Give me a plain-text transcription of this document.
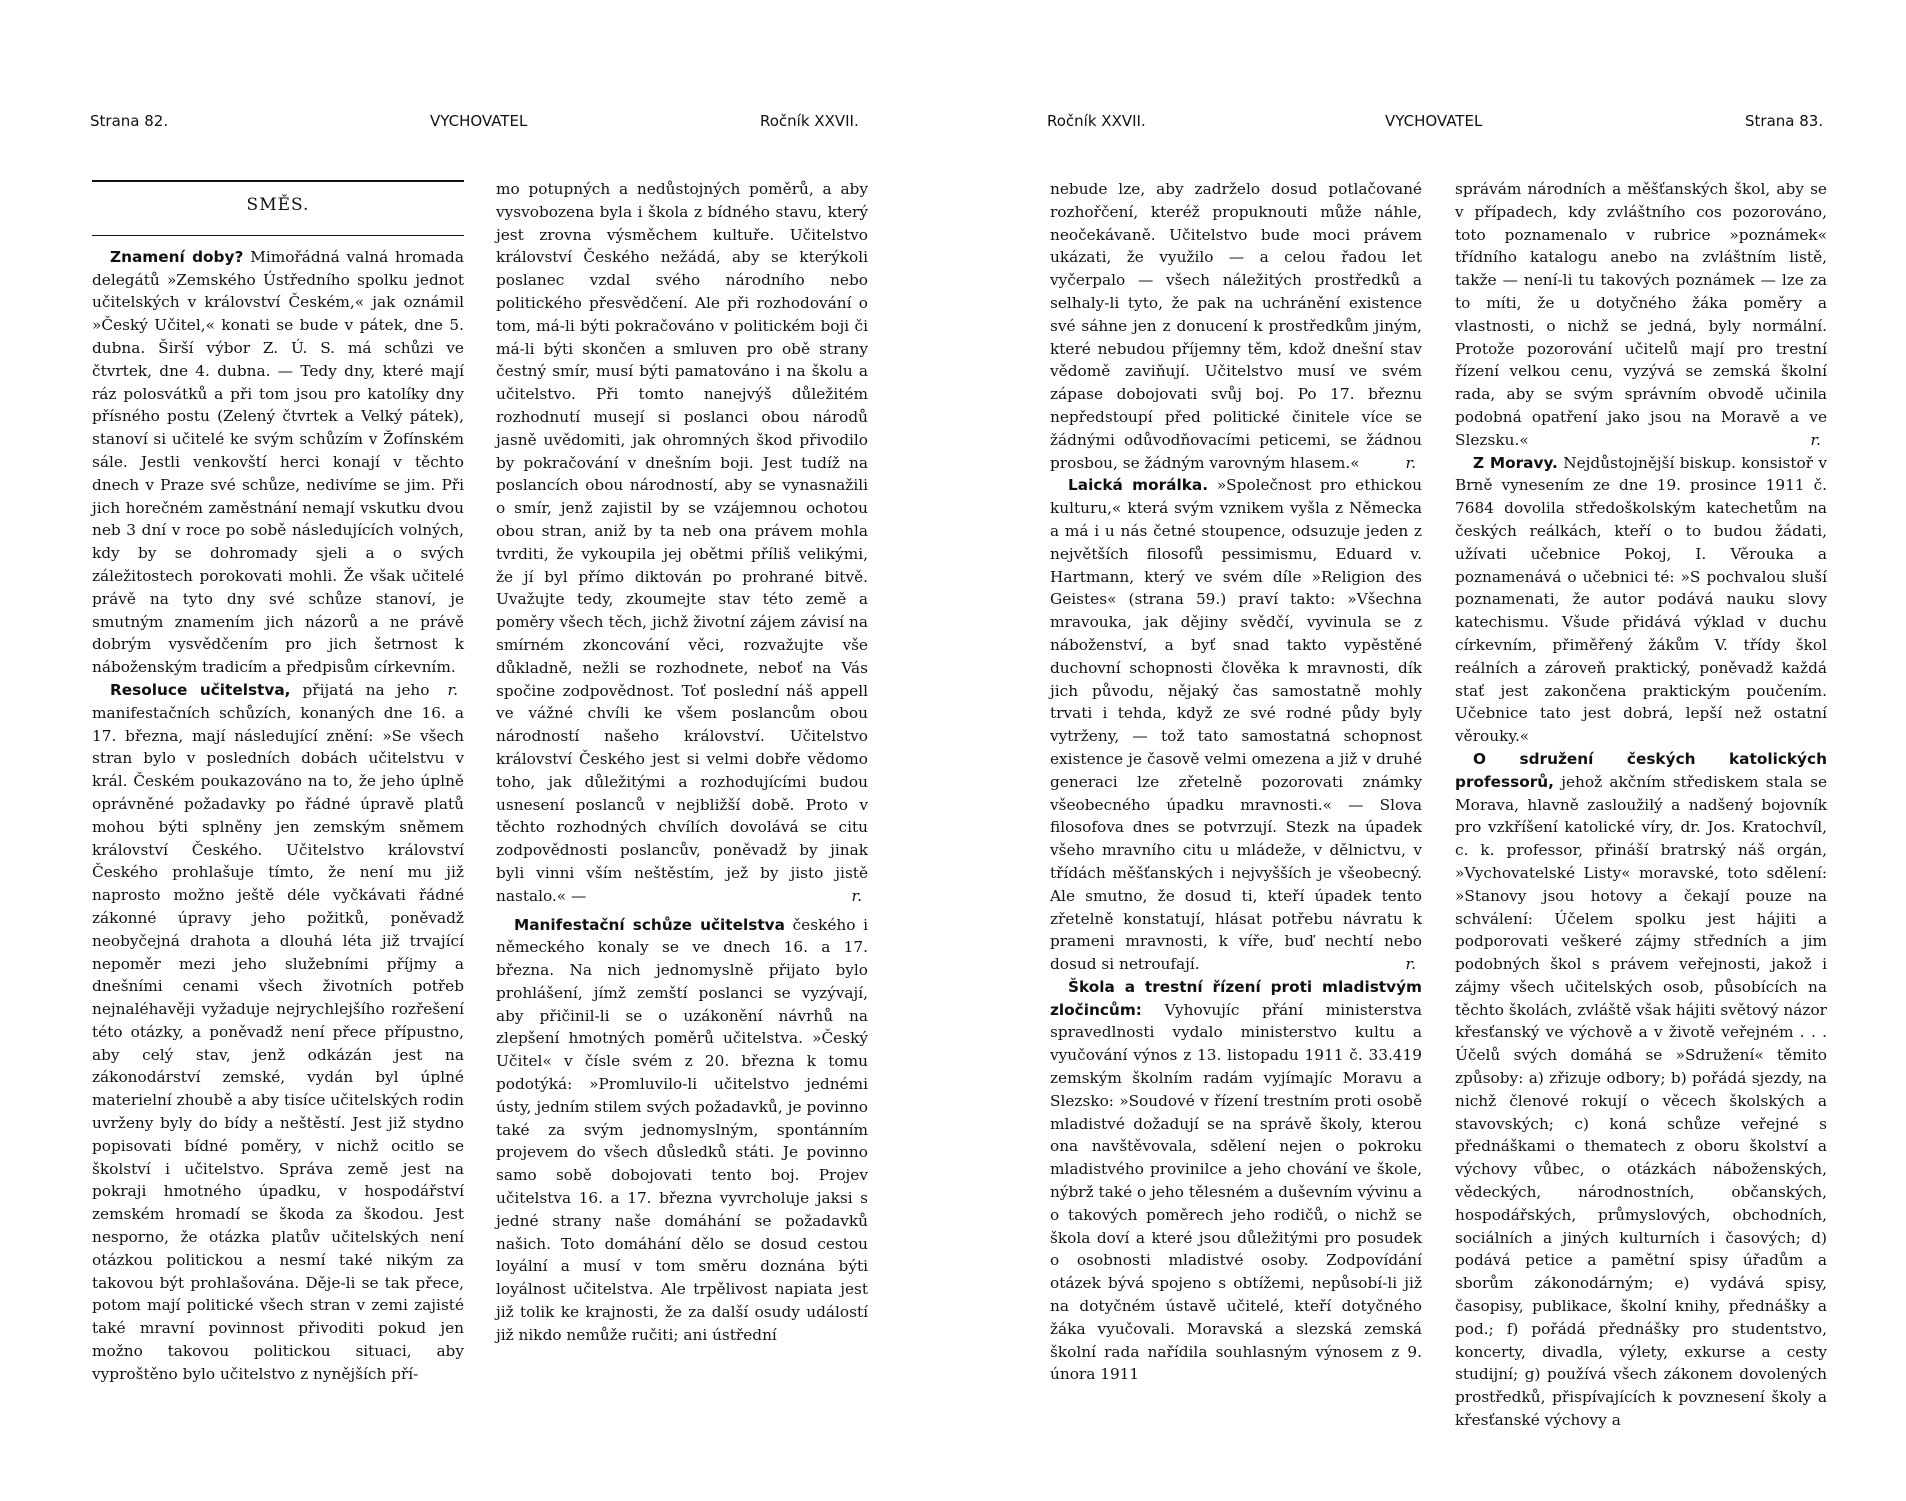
Strana 82.	VYCHOVATEL	Ročník XXVII.	Ročník XXVII.	VYCHOVATEL	Strana 83.
SMĚS.

Znamení doby? Mimořádná valná hromada delegátů »Zemského Ústředního spolku jednot učitelských v království Českém,« jak oznámil »Český Učitel,« konati se bude v pátek, dne 5. dubna. Širší výbor Z. Ú. S. má schůzi ve čtvrtek, dne 4. dubna. — Tedy dny, které mají ráz polosvátků a při tom jsou pro katolíky dny přísného postu (Zelený čtvrtek a Velký pátek), stanoví si učitelé ke svým schůzím v Žofínském sále. Jestli venkovští herci konají v těchto dnech v Praze své schůze, nedivíme se jim. Při jich horečném zaměstnání nemají vskutku dvou neb 3 dní v roce po sobě následujících volných, kdy by se dohromady sjeli a o svých záležitostech porokovati mohli. Že však učitelé právě na tyto dny své schůze stanoví, je smutným znamením jich názorů a ne právě dobrým vysvědčením pro jich šetrnost k náboženským tradicím a předpisům církevním.
r.

Resoluce učitelstva, přijatá na jeho manifestačních schůzích, konaných dne 16. a 17. března, mají následující znění: »Se všech stran bylo v posledních dobách učitelstvu v král. Českém poukazováno na to, že jeho úplně oprávněné požadavky po řádné úpravě platů mohou býti splněny jen zemským sněmem království Českého. Učitelstvo království Českého prohlašuje tímto, že není mu již naprosto možno ještě déle vyčkávati řádné zákonné úpravy jeho požitků, poněvadž neobyčejná drahota a dlouhá léta již trvající nepoměr mezi jeho služebními příjmy a dnešními cenami všech životních potřeb nejnaléhavěji vyžaduje nejrychlejšího rozřešení této otázky, a poněvadž není přece přípustno, aby celý stav, jenž odkázán jest na zákonodárství zemské, vydán byl úplné materielní zhoubě a aby tisíce učitelských rodin uvrženy byly do bídy a neštěstí. Jest již stydno popisovati bídné poměry, v nichž ocitlo se školství i učitelstvo. Správa země jest na pokraji hmotného úpadku, v hospodářství zemském hromadí se škoda za škodou. Jest nesporno, že otázka platův učitelských není otázkou politickou a nesmí také nikým za takovou být prohlašována. Děje-li se tak přece, potom mají politické všech stran v zemi zajisté také mravní povinnost přivoditi pokud jen možno takovou politickou situaci, aby vyproštěno bylo učitelstvo z nynějších pří-

mo potupných a nedůstojných poměrů, a aby vysvobozena byla i škola z bídného stavu, který jest zrovna výsměchem kultuře. Učitelstvo království Českého nežádá, aby se kterýkoli poslanec vzdal svého národního nebo politického přesvědčení. Ale při rozhodování o tom, má-li býti pokračováno v politickém boji či má-li býti skončen a smluven pro obě strany čestný smír, musí býti pamatováno i na školu a učitelstvo. Při tomto nanejvýš důležitém rozhodnutí musejí si poslanci obou národů jasně uvědomiti, jak ohromných škod přivodilo by pokračování v dnešním boji. Jest tudíž na poslancích obou národností, aby se vynasnažili o smír, jenž zajistil by se vzájemnou ochotou obou stran, aniž by ta neb ona právem mohla tvrditi, že vykoupila jej obětmi příliš velikými, že jí byl přímo diktován po prohrané bitvě. Uvažujte tedy, zkoumejte stav této země a poměry všech těch, jichž životní zájem závisí na smírném zkoncování věci, rozvažujte vše důkladně, nežli se rozhodnete, neboť na Vás spočine zodpovědnost. Toť poslední náš appell ve vážné chvíli ke všem poslancům obou národností našeho království. Učitelstvo království Českého jest si velmi dobře vědomo toho, jak důležitými a rozhodujícími budou usnesení poslanců v nejbližší době. Proto v těchto rozhodných chvílích dovolává se citu zodpovědnosti poslancův, poněvadž by jinak byli vinni vším neštěstím, jež by jisto jistě nastalo.« —	r.

Manifestační schůze učitelstva českého i německého konaly se ve dnech 16. a 17. března. Na nich jednomyslně přijato bylo prohlášení, jímž zemští poslanci se vyzývají, aby přičinil-li se o uzákonění návrhů na zlepšení hmotných poměrů učitelstva. »Český Učitel« v čísle svém z 20. března k tomu podotýká: »Promluvilo-li učitelstvo jednémi ústy, jedním stilem svých požadavků, je povinno také za svým jednomyslným, spontánním projevem do všech důsledků státi. Je povinno samo sobě dobojovati tento boj. Projev učitelstva 16. a 17. března vyvrcholuje jaksi s jedné strany naše domáhání se požadavků našich. Toto domáhání dělo se dosud cestou loyální a musí v tom směru doznána býti loyálnost učitelstva. Ale trpělivost napiata jest již tolik ke krajnosti, že za další osudy událostí již nikdo nemůže ručiti; ani ústřední

nebude lze, aby zadrželo dosud potlačované rozhořčení, kteréž propuknouti může náhle, neočekávaně. Učitelstvo bude moci právem ukázati, že využilo — a celou řadou let vyčerpalo — všech náležitých prostředků a selhaly-li tyto, že pak na uchránění existence své sáhne jen z donucení k prostředkům jiným, které nebudou příjemny těm, kdož dnešní stav vědomě zaviňují. Učitelstvo musí ve svém zápase dobojovati svůj boj. Po 17. březnu nepředstoupí před politické činitele více se žádnými odůvodňovacími peticemi, se žádnou prosbou, se žádným varovným hlasem.«	r.

Laická morálka. »Společnost pro ethickou kulturu,« která svým vznikem vyšla z Německa a má i u nás četné stoupence, odsuzuje jeden z největších filosofů pessimismu, Eduard v. Hartmann, který ve svém díle »Religion des Geistes« (strana 59.) praví takto: »Všechna mravouka, jak dějiny svědčí, vyvinula se z náboženství, a byť snad takto vypěstěné duchovní schopnosti člověka k mravnosti, dík jich původu, nějaký čas samostatně mohly trvati i tehda, když ze své rodné půdy byly vytrženy, — tož tato samostatná schopnost existence je časově velmi omezena a již v druhé generaci lze zřetelně pozorovati známky všeobecného úpadku mravnosti.« — Slova filosofova dnes se potvrzují. Stezk na úpadek všeho mravního citu u mládeže, v dělnictvu, v třídách měšťanských i nejvyšších je všeobecný. Ale smutno, že dosud ti, kteří úpadek tento zřetelně konstatují, hlásat potřebu návratu k prameni mravnosti, k víře, buď nechtí nebo dosud si netroufají.	r.

Škola a trestní řízení proti mladistvým zločincům: Vyhovujíc přání ministerstva spravedlnosti vydalo ministerstvo kultu a vyučování výnos z 13. listopadu 1911 č. 33.419 zemským školním radám vyjímajíc Moravu a Slezsko: »Soudové v řízení trestním proti osobě mladistvé dožadují se na správě školy, kterou ona navštěvovala, sdělení nejen o pokroku mladistvého provinilce a jeho chování ve škole, nýbrž také o jeho tělesném a duševním vývinu a o takových poměrech jeho rodičů, o nichž se škola doví a které jsou důležitými pro posudek o osobnosti mladistvé osoby. Zodpovídání otázek bývá spojeno s obtížemi, nepůsobí-li již na dotyčném ústavě učitelé, kteří dotyčného žáka vyučovali. Moravská a slezská zemská školní rada nařídila souhlasným výnosem z 9. února 1911

správám národních a měšťanských škol, aby se v případech, kdy zvláštního cos pozorováno, toto poznamenalo v rubrice »poznámek« třídního katalogu anebo na zvláštním listě, takže — není-li tu takových poznámek — lze za to míti, že u dotyčného žáka poměry a vlastnosti, o nichž se jedná, byly normální. Protože pozorování učitelů mají pro trestní řízení velkou cenu, vyzývá se zemská školní rada, aby se svým správním obvodě učinila podobná opatření jako jsou na Moravě a ve Slezsku.«	r.

Z Moravy. Nejdůstojnější biskup. konsistoř v Brně vynesením ze dne 19. prosince 1911 č. 7684 dovolila středoškolským katechetům na českých reálkách, kteří o to budou žádati, užívati učebnice Pokoj, I. Věrouka a poznamenává o učebnici té: »S pochvalou sluší poznamenati, že autor podává nauku slovy katechismu. Všude přidává výklad v duchu církevním, přiměřený žákům V. třídy škol reálních a zároveň praktický, poněvadž každá stať jest zakončena praktickým poučením. Učebnice tato jest dobrá, lepší než ostatní věrouky.«

O sdružení českých katolických professorů, jehož akčním střediskem stala se Morava, hlavně zasloužilý a nadšený bojovník pro vzkříšení katolické víry, dr. Jos. Kratochvíl, c. k. professor, přináší bratrský náš orgán, »Vychovatelské Listy« moravské, toto sdělení: »Stanovy jsou hotovy a čekají pouze na schválení: Účelem spolku jest hájiti a podporovati veškeré zájmy středních a jim podobných škol s právem veřejnosti, jakož i zájmy všech učitelských osob, působících na těchto školách, zvláště však hájiti světový názor křesťanský ve výchově a v životě veřejném . . . Účelů svých domáhá se »Sdružení« těmito způsoby: a) zřizuje odbory; b) pořádá sjezdy, na nichž členové rokují o věcech školských a stavovských; c) koná schůze veřejné s přednáškami o thematech z oboru školství a výchovy vůbec, o otázkách náboženských, vědeckých, národnostních, občanských, hospodářských, průmyslových, obchodních, sociálních a jiných kulturních i časových; d) podává petice a pamětní spisy úřadům a sborům zákonodárným; e) vydává spisy, časopisy, publikace, školní knihy, přednášky a pod.; f) pořádá přednášky pro studentstvo, koncerty, divadla, výlety, exkurse a cesty studijní; g) používá všech zákonem dovolených prostředků, přispívajících k povznesení školy a křesťanské výchovy a
